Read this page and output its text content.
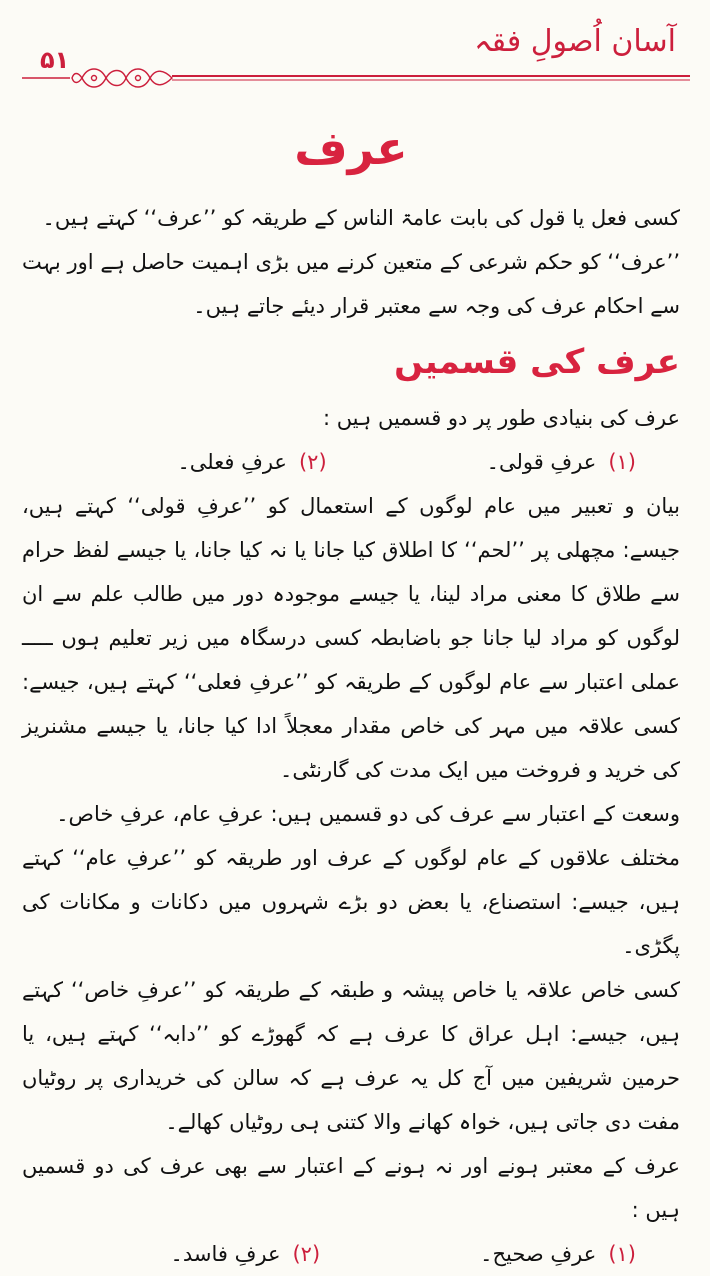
۵۱
آسان اُصولِ فقہ
عرف

کسی فعل یا قول کی بابت عامۃ الناس کے طریقہ کو ’’عرف‘‘ کہتے ہیں۔

’’عرف‘‘ کو حکم شرعی کے متعین کرنے میں بڑی اہمیت حاصل ہے اور بہت سے احکام عرف کی وجہ سے معتبر قرار دیئے جاتے ہیں۔

عرف کی قسمیں

عرف کی بنیادی طور پر دو قسمیں ہیں :

(۱)عرفِ قولی۔
(۲)عرفِ فعلی۔

بیان و تعبیر میں عام لوگوں کے استعمال کو ’’عرفِ قولی‘‘ کہتے ہیں، جیسے: مچھلی پر ’’لحم‘‘ کا اطلاق کیا جانا یا نہ کیا جانا، یا جیسے لفظ حرام سے طلاق کا معنی مراد لینا، یا جیسے موجودہ دور میں طالب علم سے ان لوگوں کو مراد لیا جانا جو باضابطہ کسی درسگاہ میں زیر تعلیم ہوں ـــــ عملی اعتبار سے عام لوگوں کے طریقہ کو ’’عرفِ فعلی‘‘ کہتے ہیں، جیسے: کسی علاقہ میں مہر کی خاص مقدار معجلاً ادا کیا جانا، یا جیسے مشنریز کی خرید و فروخت میں ایک مدت کی گارنٹی۔

وسعت کے اعتبار سے عرف کی دو قسمیں ہیں: عرفِ عام، عرفِ خاص۔

مختلف علاقوں کے عام لوگوں کے عرف اور طریقہ کو ’’عرفِ عام‘‘ کہتے ہیں، جیسے: استصناع، یا بعض دو بڑے شہروں میں دکانات و مکانات کی پگڑی۔

کسی خاص علاقہ یا خاص پیشہ و طبقہ کے طریقہ کو ’’عرفِ خاص‘‘ کہتے ہیں، جیسے: اہل عراق کا عرف ہے کہ گھوڑے کو ’’دابہ‘‘ کہتے ہیں، یا حرمین شریفین میں آج کل یہ عرف ہے کہ سالن کی خریداری پر روٹیاں مفت دی جاتی ہیں، خواہ کھانے والا کتنی ہی روٹیاں کھالے۔

عرف کے معتبر ہونے اور نہ ہونے کے اعتبار سے بھی عرف کی دو قسمیں ہیں :

(۱)عرفِ صحیح۔
(۲)عرفِ فاسد۔
